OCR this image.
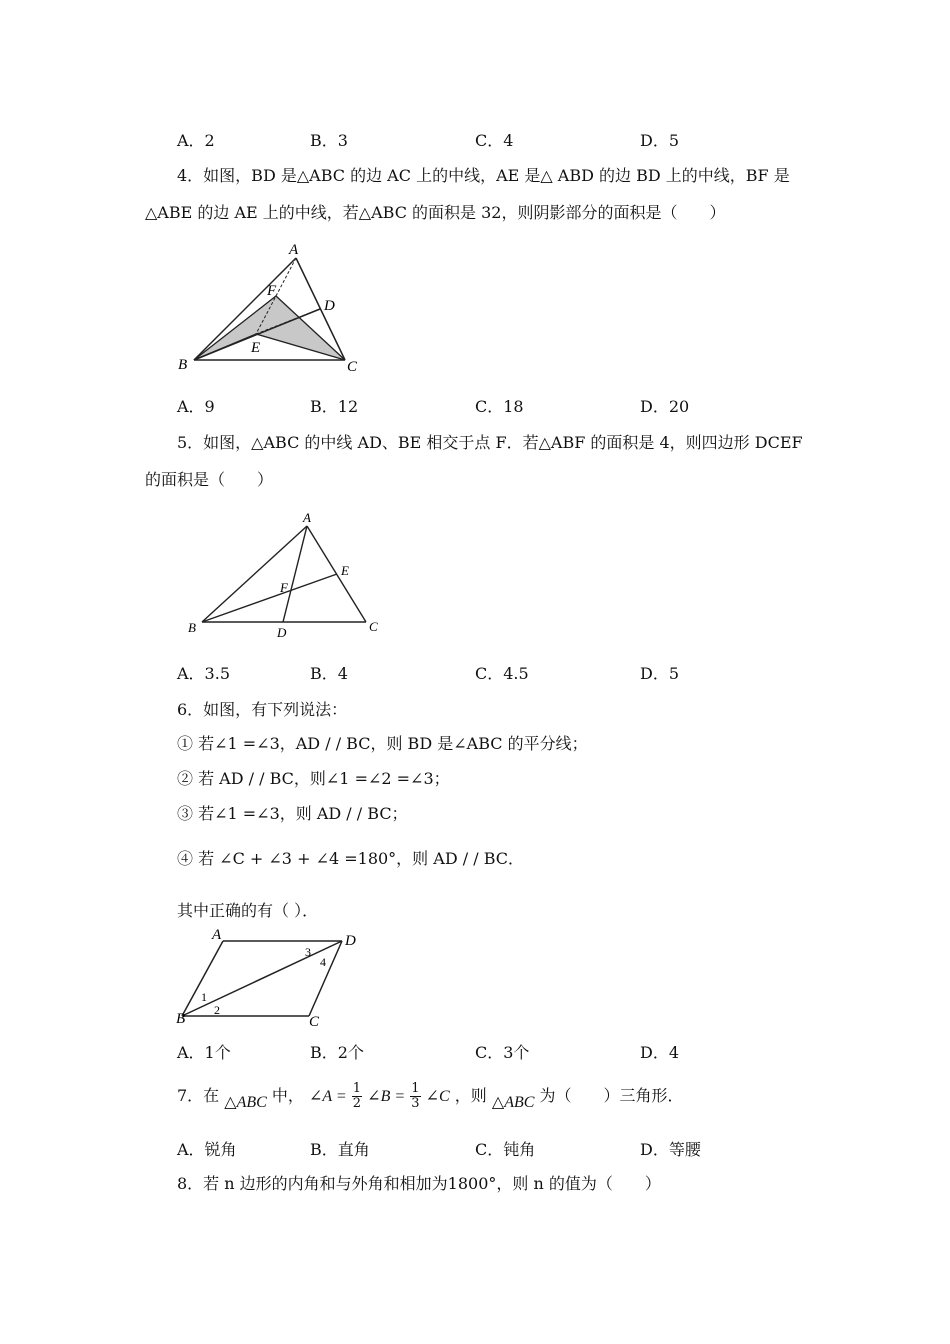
A．2	B．3	C．4	D．5
4．如图，BD 是△ABC 的边 AC 上的中线，AE 是△ ABD 的边 BD 上的中线，BF 是
△ABE 的边 AE 上的中线，若△ABC 的面积是 32，则阴影部分的面积是（　　）
A
F
D
E
B	C
A．9	B．12	C．18	D．20
5．如图，△ABC 的中线 AD、BE 相交于点 F．若△ABF 的面积是 4，则四边形 DCEF
的面积是（　　）
A
E
F
B	D	C
A．3.5	B．4	C．4.5	D．5
6．如图，有下列说法：
① 若∠1 =∠3，AD / / BC，则 BD 是∠ABC 的平分线；
② 若 AD / / BC，则∠1 =∠2 =∠3；
③ 若∠1 =∠3，则 AD / / BC；
④ 若 ∠C + ∠3 + ∠4 =180°，则 AD / / BC．
其中正确的有（ ）．
A	D
B	C
1
2
3
4
A．1个	B．2个	C．3个	D．4
7．在 △ABC 中， ∠A = $\frac{1}{2}$ ∠B = $\frac{1}{3}$ ∠C ，则 △ABC 为（　　）三角形．
A．锐角	B．直角	C．钝角	D．等腰
8．若 n 边形的内角和与外角和相加为1800°，则 n 的值为（　　）
